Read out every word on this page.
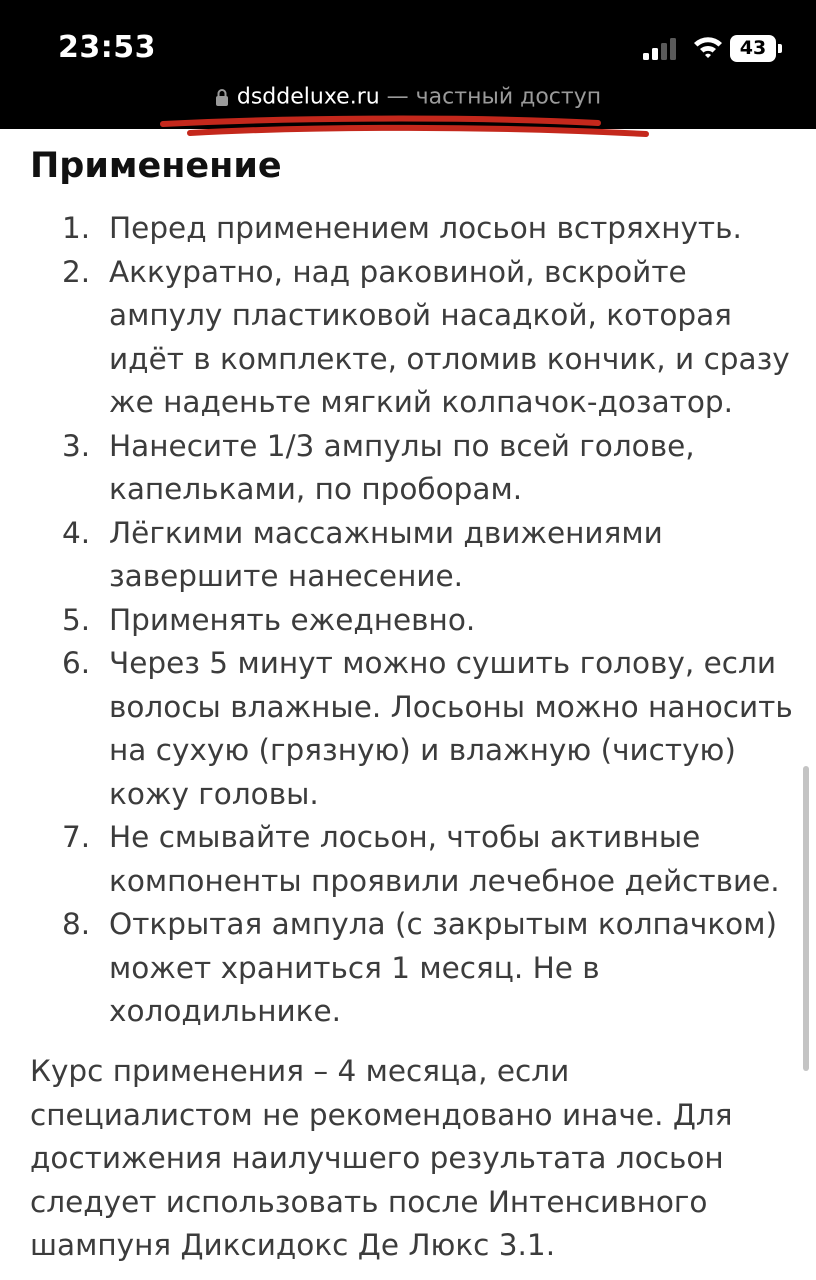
23:53	43
dsddeluxe.ru — частный доступ
Применение
1. Перед применением лосьон встряхнуть.
2. Аккуратно, над раковиной, вскройте ампулу пластиковой насадкой, которая идёт в комплекте, отломив кончик, и сразу же наденьте мягкий колпачок-дозатор.
3. Нанесите 1/3 ампулы по всей голове, капельками, по проборам.
4. Лёгкими массажными движениями завершите нанесение.
5. Применять ежедневно.
6. Через 5 минут можно сушить голову, если волосы влажные. Лосьоны можно наносить на сухую (грязную) и влажную (чистую) кожу головы.
7. Не смывайте лосьон, чтобы активные компоненты проявили лечебное действие.
8. Открытая ампула (с закрытым колпачком) может храниться 1 месяц. Не в холодильнике.

Курс применения – 4 месяца, если специалистом не рекомендовано иначе. Для достижения наилучшего результата лосьон следует использовать после Интенсивного шампуня Диксидокс Де Люкс 3.1.
